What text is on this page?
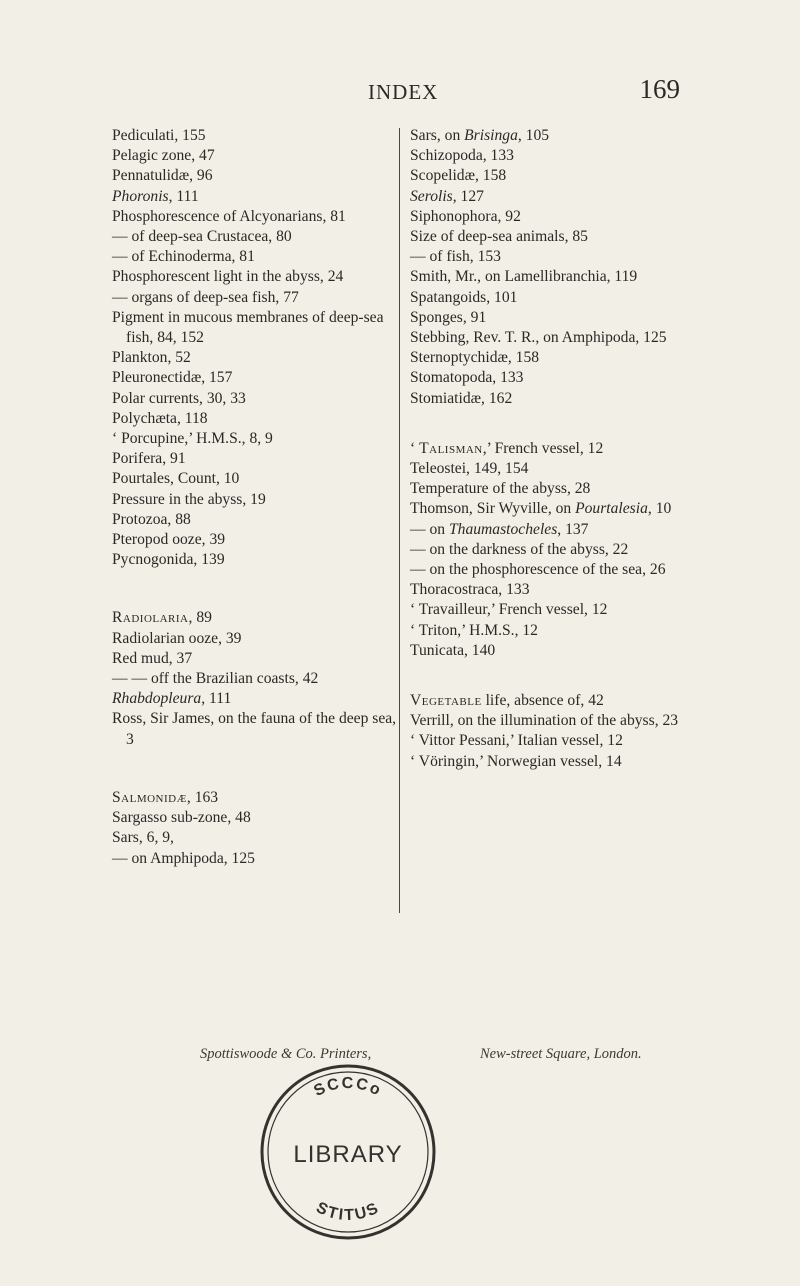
INDEX	169
Pediculati, 155
Pelagic zone, 47
Pennatulidæ, 96
Phoronis, 111
Phosphorescence of Alcyonarians, 81
— of deep-sea Crustacea, 80
— of Echinoderma, 81
Phosphorescent light in the abyss, 24
— organs of deep-sea fish, 77
Pigment in mucous membranes of deep-sea fish, 84, 152
Plankton, 52
Pleuronectidæ, 157
Polar currents, 30, 33
Polychæta, 118
‘ Porcupine,’ H.M.S., 8, 9
Porifera, 91
Pourtales, Count, 10
Pressure in the abyss, 19
Protozoa, 88
Pteropod ooze, 39
Pycnogonida, 139
Radiolaria, 89
Radiolarian ooze, 39
Red mud, 37
— — off the Brazilian coasts, 42
Rhabdopleura, 111
Ross, Sir James, on the fauna of the deep sea, 3
Salmonidæ, 163
Sargasso sub-zone, 48
Sars, 6, 9,
— on Amphipoda, 125
Sars, on Brisinga, 105
Schizopoda, 133
Scopelidæ, 158
Serolis, 127
Siphonophora, 92
Size of deep-sea animals, 85
— of fish, 153
Smith, Mr., on Lamellibranchia, 119
Spatangoids, 101
Sponges, 91
Stebbing, Rev. T. R., on Amphipoda, 125
Sternoptychidæ, 158
Stomatopoda, 133
Stomiatidæ, 162
‘ Talisman,’ French vessel, 12
Teleostei, 149, 154
Temperature of the abyss, 28
Thomson, Sir Wyville, on Pourtalesia, 10
— on Thaumastocheles, 137
— on the darkness of the abyss, 22
— on the phosphorescence of the sea, 26
Thoracostraca, 133
‘ Travailleur,’ French vessel, 12
‘ Triton,’ H.M.S., 12
Tunicata, 140
Vegetable life, absence of, 42
Verrill, on the illumination of the abyss, 23
‘ Vittor Pessani,’ Italian vessel, 12
‘ Vöringin,’ Norwegian vessel, 14
Spottiswoode & Co. Printers,	New-street Square, London.
SCCCo
LIBRARY
STITUS
